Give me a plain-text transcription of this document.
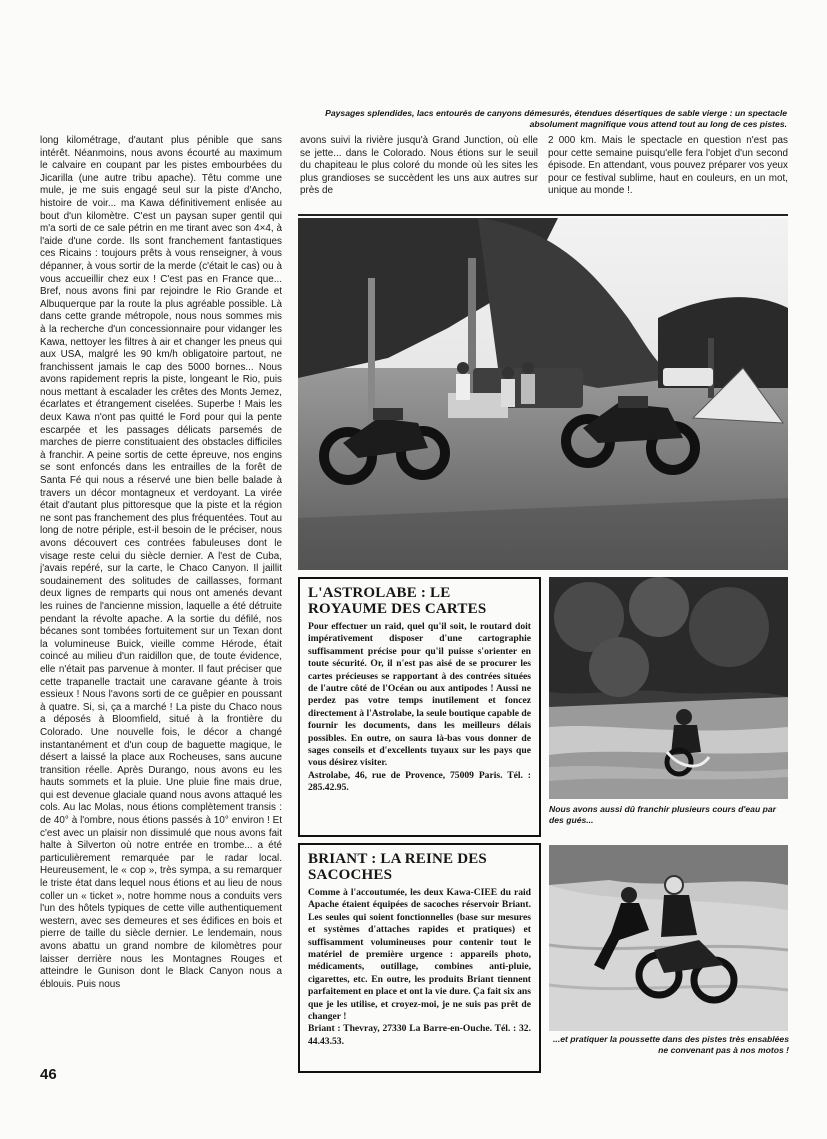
Paysages splendides, lacs entourés de canyons démesurés, étendues désertiques de sable vierge : un spectacle absolument magnifique vous attend tout au long de ces pistes.

long kilométrage, d'autant plus pénible que sans intérêt. Néanmoins, nous avons écourté au maximum le calvaire en coupant par les pistes embourbées du Jicarilla (une autre tribu apache). Têtu comme une mule, je me suis engagé seul sur la piste d'Ancho, histoire de voir... ma Kawa définitivement enlisée au bout d'un kilomètre. C'est un paysan super gentil qui m'a sorti de ce sale pétrin en me tirant avec son 4×4, à l'aide d'une corde. Ils sont franchement fantastiques ces Ricains : toujours prêts à vous renseigner, à vous dépanner, à vous sortir de la merde (c'était le cas) ou à vous accueillir chez eux ! C'est pas en France que... Bref, nous avons fini par rejoindre le Rio Grande et Albuquerque par la route la plus agréable possible. Là dans cette grande métropole, nous nous sommes mis à la recherche d'un concessionnaire pour vidanger les Kawa, nettoyer les filtres à air et changer les pneus qui aux USA, malgré les 90 km/h obligatoire partout, ne franchissent jamais le cap des 5000 bornes... Nous avons rapidement repris la piste, longeant le Rio, puis nous mettant à escalader les crêtes des Monts Jemez, écarlates et étrangement ciselées. Superbe ! Mais les deux Kawa n'ont pas quitté le Ford pour qui la pente escarpée et les passages délicats parsemés de marches de pierre constituaient des obstacles difficiles à franchir. A peine sortis de cette épreuve, nos engins se sont enfoncés dans les entrailles de la forêt de Santa Fé qui nous a réservé une bien belle balade à travers un décor montagneux et verdoyant. La virée était d'autant plus pittoresque que la piste et la région ne sont pas franchement des plus fréquentées. Tout au long de notre périple, est-il besoin de le préciser, nous avons découvert ces contrées fabuleuses dont le visage reste celui du siècle dernier. A l'est de Cuba, j'avais repéré, sur la carte, le Chaco Canyon. Il jaillit soudainement des solitudes de caillasses, formant deux lignes de remparts qui nous ont amenés devant les ruines de l'ancienne mission, laquelle a été détruite pendant la révolte apache. A la sortie du défilé, nos bécanes sont tombées fortuitement sur un Texan dont la volumineuse Buick, vieille comme Hérode, était coincé au milieu d'un raidillon que, de toute évidence, elle n'était pas parvenue à monter. Il faut préciser que cette trapanelle tractait une caravane géante à trois essieux ! Nous l'avons sorti de ce guêpier en poussant à quatre. Si, si, ça a marché ! La piste du Chaco nous a déposés à Bloomfield, situé à la frontière du Colorado. Une nouvelle fois, le décor a changé instantanément et d'un coup de baguette magique, le désert a laissé la place aux Rocheuses, sans aucune transition réelle. Après Durango, nous avons eu les hauts sommets et la pluie. Une pluie fine mais drue, qui est devenue glaciale quand nous avons attaqué les cols. Au lac Molas, nous étions complètement transis : de 40° à l'ombre, nous étions passés à 10° environ ! Et c'est avec un plaisir non dissimulé que nous avons fait halte à Silverton où notre entrée en trombe... a été particulièrement remarquée par le radar local. Heureusement, le « cop », très sympa, a su remarquer le triste état dans lequel nous étions et au lieu de nous coller un « ticket », notre homme nous a conduits vers l'un des hôtels typiques de cette ville authentiquement western, avec ses demeures et ses édifices en bois et pierre de taille du siècle dernier. Le lendemain, nous avons abattu un grand nombre de kilomètres pour laisser derrière nous les Montagnes Rouges et atteindre le Gunison dont le Black Canyon nous a éblouis. Puis nous

avons suivi la rivière jusqu'à Grand Junction, où elle se jette... dans le Colorado. Nous étions sur le seuil du chapiteau le plus coloré du monde où les sites les plus grandioses se succèdent les uns aux autres sur près de

2 000 km. Mais le spectacle en question n'est pas pour cette semaine puisqu'elle fera l'objet d'un second épisode. En attendant, vous pouvez préparer vos yeux pour ce festival sublime, haut en couleurs, en un mot, unique au monde !.

L'ASTROLABE : LE ROYAUME DES CARTES
Pour effectuer un raid, quel qu'il soit, le routard doit impérativement disposer d'une cartographie suffisamment précise pour qu'il puisse s'orienter en toute sécurité. Or, il n'est pas aisé de se procurer les cartes précieuses se rapportant à des contrées situées de l'autre côté de l'Océan ou aux antipodes ! Aussi ne perdez pas votre temps inutilement et foncez directement à l'Astrolabe, la seule boutique capable de fournir les documents, dans les meilleurs délais possibles. En outre, on saura là-bas vous donner de sages conseils et d'excellents tuyaux sur les pays que vous désirez visiter.
Astrolabe, 46, rue de Provence, 75009 Paris. Tél. : 285.42.95.
Nous avons aussi dû franchir plusieurs cours d'eau par des gués...
BRIANT : LA REINE DES SACOCHES
Comme à l'accoutumée, les deux Kawa-CIEE du raid Apache étaient équipées de sacoches réservoir Briant. Les seules qui soient fonctionnelles (base sur mesures et systèmes d'attaches rapides et pratiques) et suffisamment volumineuses pour contenir tout le matériel de première urgence : appareils photo, médicaments, outillage, combines anti-pluie, cigarettes, etc. En outre, les produits Briant tiennent parfaitement en place et ont la vie dure. Ça fait six ans que je les utilise, et croyez-moi, je ne suis pas prêt de changer !
Briant : Thevray, 27330 La Barre-en-Ouche. Tél. : 32. 44.43.53.	...et pratiquer la poussette dans des pistes très ensablées ne convenant pas à nos motos !
46
